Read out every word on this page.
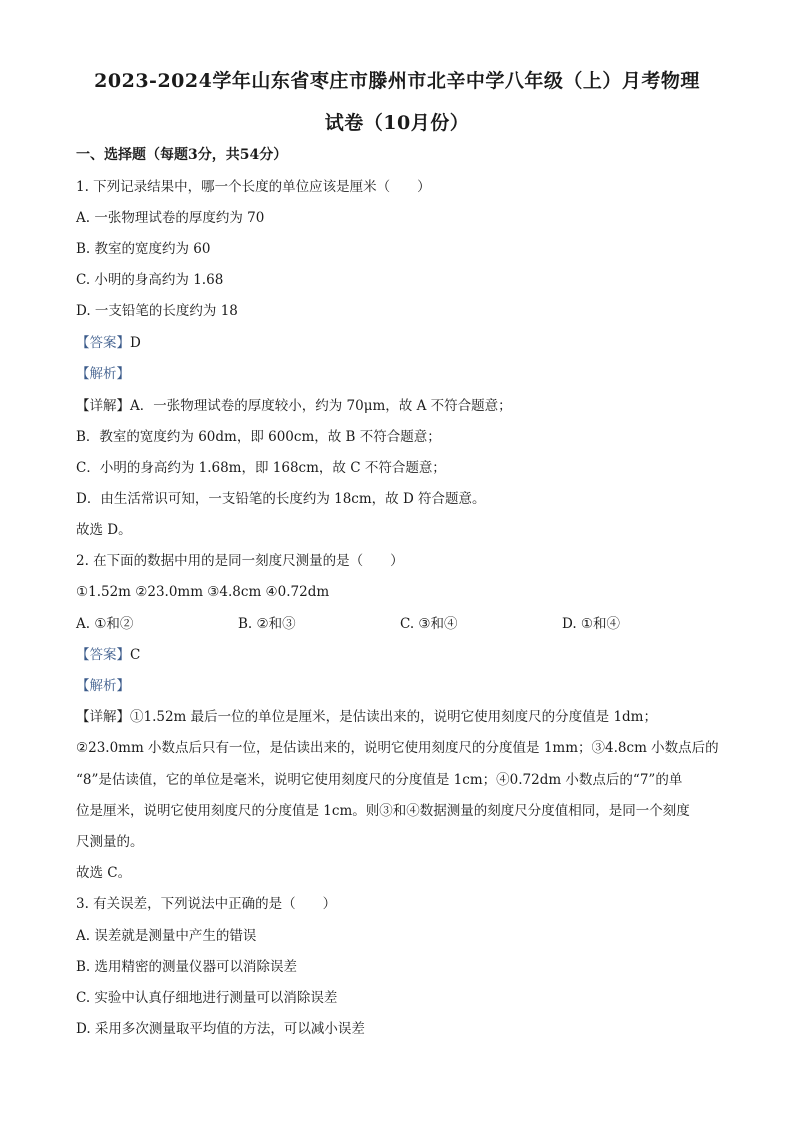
2023-2024学年山东省枣庄市滕州市北辛中学八年级（上）月考物理
试卷（10月份）
一、选择题（每题3分，共54分）
1. 下列记录结果中，哪一个长度的单位应该是厘米（　　）
A. 一张物理试卷的厚度约为 70
B. 教室的宽度约为 60
C. 小明的身高约为 1.68
D. 一支铅笔的长度约为 18
【答案】D
【解析】
【详解】A．一张物理试卷的厚度较小，约为 70μm，故 A 不符合题意；
B．教室的宽度约为 60dm，即 600cm，故 B 不符合题意；
C．小明的身高约为 1.68m，即 168cm，故 C 不符合题意；
D．由生活常识可知，一支铅笔的长度约为 18cm，故 D 符合题意。
故选 D。
2. 在下面的数据中用的是同一刻度尺测量的是（　　）
①1.52m ②23.0mm ③4.8cm ④0.72dm
A. ①和②	B. ②和③	C. ③和④	D. ①和④
【答案】C
【解析】
【详解】①1.52m 最后一位的单位是厘米，是估读出来的，说明它使用刻度尺的分度值是 1dm；
②23.0mm 小数点后只有一位，是估读出来的，说明它使用刻度尺的分度值是 1mm；③4.8cm 小数点后的
“8”是估读值，它的单位是毫米，说明它使用刻度尺的分度值是 1cm；④0.72dm 小数点后的“7”的单
位是厘米，说明它使用刻度尺的分度值是 1cm。则③和④数据测量的刻度尺分度值相同，是同一个刻度
尺测量的。
故选 C。
3. 有关误差，下列说法中正确的是（　　）
A. 误差就是测量中产生的错误
B. 选用精密的测量仪器可以消除误差
C. 实验中认真仔细地进行测量可以消除误差
D. 采用多次测量取平均值的方法，可以减小误差
